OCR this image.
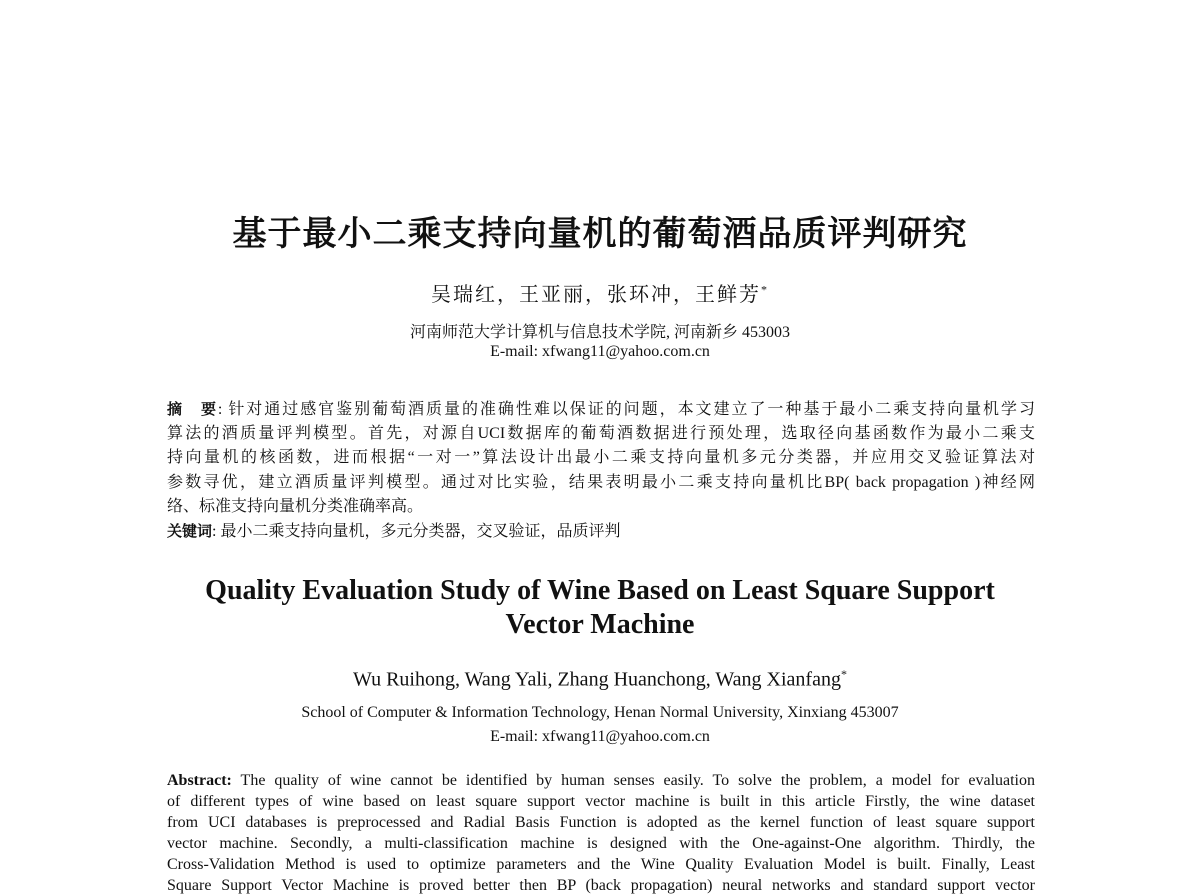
基于最小二乘支持向量机的葡萄酒品质评判研究
吴瑞红，王亚丽，张环冲，王鲜芳*
河南师范大学计算机与信息技术学院, 河南新乡 453003
E-mail: xfwang11@yahoo.com.cn
摘　要: 针对通过感官鉴别葡萄酒质量的准确性难以保证的问题，本文建立了一种基于最小二乘支持向量机学习
算法的酒质量评判模型。首先，对源自UCI数据库的葡萄酒数据进行预处理，选取径向基函数作为最小二乘支
持向量机的核函数，进而根据“一对一”算法设计出最小二乘支持向量机多元分类器，并应用交叉验证算法对
参数寻优，建立酒质量评判模型。通过对比实验，结果表明最小二乘支持向量机比BP( back propagation )神经网
络、标准支持向量机分类准确率高。
关键词: 最小二乘支持向量机，多元分类器，交叉验证，品质评判
Quality Evaluation Study of Wine Based on Least Square Support
Vector Machine
Wu Ruihong, Wang Yali, Zhang Huanchong, Wang Xianfang*
School of Computer & Information Technology, Henan Normal University, Xinxiang 453007
E-mail: xfwang11@yahoo.com.cn
Abstract: The quality of wine cannot be identified by human senses easily. To solve the problem, a model for evaluation
of different types of wine based on least square support vector machine is built in this article Firstly, the wine dataset
from UCI databases is preprocessed and Radial Basis Function is adopted as the kernel function of least square support
vector machine. Secondly, a multi-classification machine is designed with the One-against-One algorithm. Thirdly, the
Cross-Validation Method is used to optimize parameters and the Wine Quality Evaluation Model is built. Finally, Least
Square Support Vector Machine is proved better then BP (back propagation) neural networks and standard support vector
